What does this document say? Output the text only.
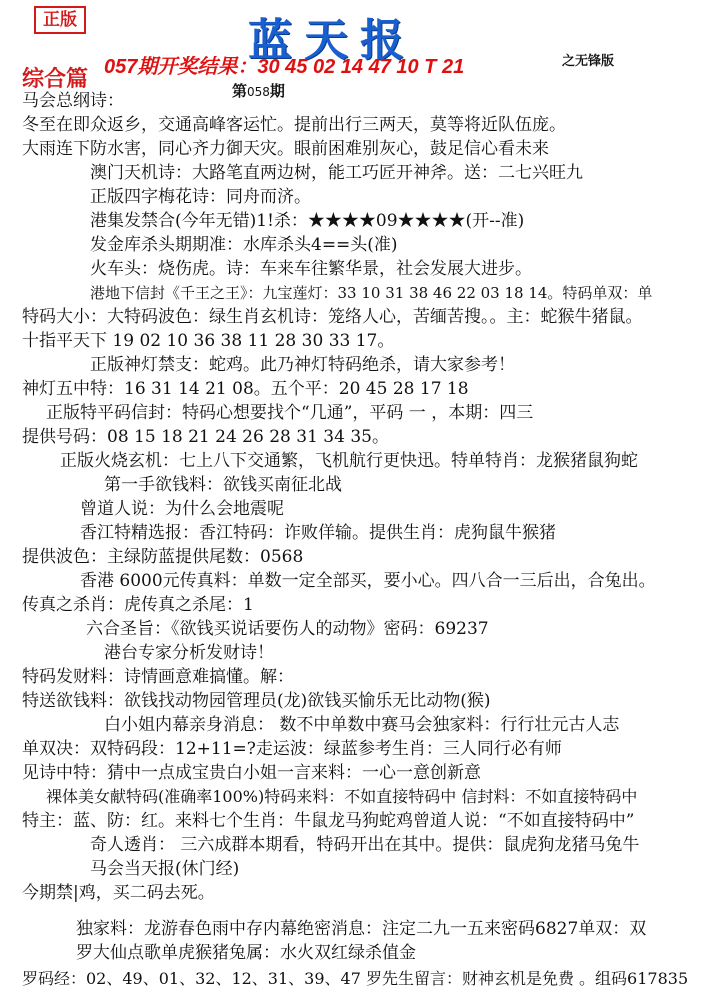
正版	蓝天报
057期开奖结果：30 45 02 14 47 10 T 21	之无锋版
综合篇	第058期
马会总纲诗：
冬至在即众返乡，交通高峰客运忙。提前出行三两天，莫等将近队伍庞。
大雨连下防水害，同心齐力御天灾。眼前困难别灰心，鼓足信心看未来
澳门天机诗：大路笔直两边树，能工巧匠开神斧。送：二七兴旺九
正版四字梅花诗：同舟而济。
港集发禁合(今年无错)1!杀：★★★★09★★★★(开--准)
发金库杀头期期准：水库杀头4==头(准)
火车头：烧伤虎。诗：车来车往繁华景，社会发展大进步。
港地下信封《千王之王》：九宝莲灯：33 10 31 38 46 22 03 18 14。特码单双：单
特码大小：大特码波色：绿生肖玄机诗：笼络人心，苦缅苦搜。。主：蛇猴牛猪鼠。
十指平天下 19 02 10 36 38 11 28 30 33 17。
正版神灯禁支：蛇鸡。此乃神灯特码绝杀，请大家参考！
神灯五中特：16 31 14 21 08。五个平：20 45 28 17 18
正版特平码信封：特码心想要找个“几通”，平码 一 ，本期：四三
提供号码：08 15 18 21 24 26 28 31 34 35。
正版火烧玄机：七上八下交通繁，飞机航行更快迅。特单特肖：龙猴猪鼠狗蛇
第一手欲钱料：欲钱买南征北战
曾道人说：为什么会地震呢
香江特精选报：香江特码：诈败佯输。提供生肖：虎狗鼠牛猴猪
提供波色：主绿防蓝提供尾数：0568
香港 6000元传真料：单数一定全部买，要小心。四八合一三后出，合兔出。
传真之杀肖：虎传真之杀尾：1
六合圣旨：《欲钱买说话要伤人的动物》密码：69237
港台专家分析发财诗！
特码发财料：诗情画意难搞懂。解：
特送欲钱料：欲钱找动物园管理员(龙)欲钱买愉乐无比动物(猴)
白小姐内幕亲身消息： 数不中单数中赛马会独家料：行行壮元古人志
单双决：双特码段：12+11=?走运波：绿蓝参考生肖：三人同行必有师
见诗中特：猜中一点成宝贵白小姐一言来料：一心一意创新意
裸体美女献特码(准确率100%)特码来料：不如直接特码中 信封料：不如直接特码中
特主：蓝、防：红。来料七个生肖：牛鼠龙马狗蛇鸡曾道人说：“不如直接特码中”
奇人透肖： 三六成群本期看，特码开出在其中。提供：鼠虎狗龙猪马兔牛
马会当天报(休门经)
今期禁|鸡，买二码去死。
独家料：龙游春色雨中存内幕绝密消息：注定二九一五来密码6827单双：双
罗大仙点歌单虎猴猪兔属：水火双红绿杀值金
罗码经：02、49、01、32、12、31、39、47 罗先生留言：财神玄机是免费 。组码617835
